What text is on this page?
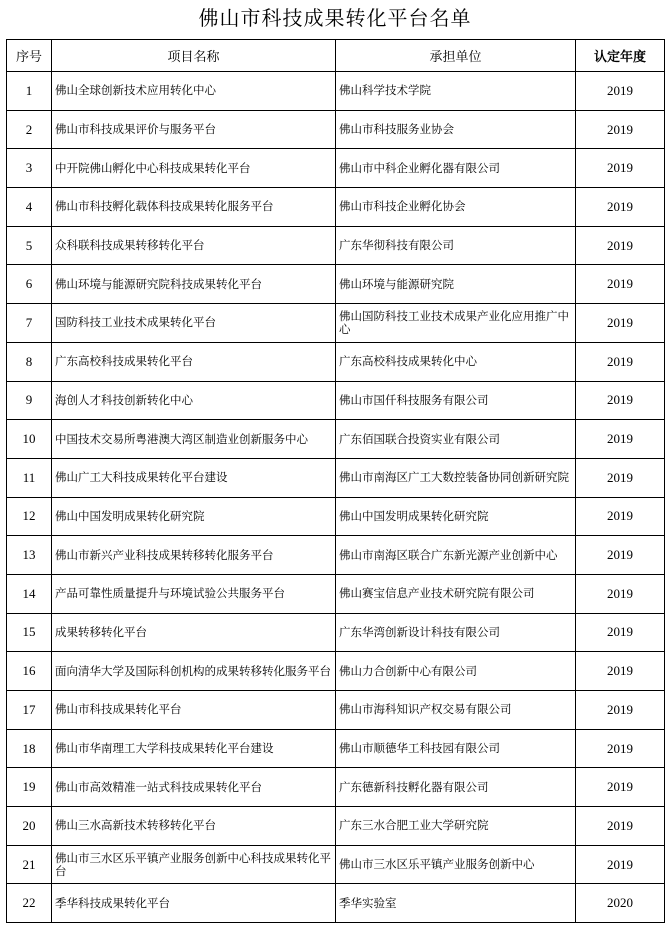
佛山市科技成果转化平台名单
序号	项目名称	承担单位	认定年度
1	佛山全球创新技术应用转化中心	佛山科学技术学院	2019
2	佛山市科技成果评价与服务平台	佛山市科技服务业协会	2019
3	中开院佛山孵化中心科技成果转化平台	佛山市中科企业孵化器有限公司	2019
4	佛山市科技孵化载体科技成果转化服务平台	佛山市科技企业孵化协会	2019
5	众科联科技成果转移转化平台	广东华彻科技有限公司	2019
6	佛山环境与能源研究院科技成果转化平台	佛山环境与能源研究院	2019
7	国防科技工业技术成果转化平台	佛山国防科技工业技术成果产业化应用推广中心	2019
8	广东高校科技成果转化平台	广东高校科技成果转化中心	2019
9	海创人才科技创新转化中心	佛山市国仟科技服务有限公司	2019
10	中国技术交易所粤港澳大湾区制造业创新服务中心	广东佰国联合投资实业有限公司	2019
11	佛山广工大科技成果转化平台建设	佛山市南海区广工大数控装备协同创新研究院	2019
12	佛山中国发明成果转化研究院	佛山中国发明成果转化研究院	2019
13	佛山市新兴产业科技成果转移转化服务平台	佛山市南海区联合广东新光源产业创新中心	2019
14	产品可靠性质量提升与环境试验公共服务平台	佛山赛宝信息产业技术研究院有限公司	2019
15	成果转移转化平台	广东华湾创新设计科技有限公司	2019
16	面向清华大学及国际科创机构的成果转移转化服务平台	佛山力合创新中心有限公司	2019
17	佛山市科技成果转化平台	佛山市海科知识产权交易有限公司	2019
18	佛山市华南理工大学科技成果转化平台建设	佛山市顺德华工科技园有限公司	2019
19	佛山市高效精准一站式科技成果转化平台	广东德新科技孵化器有限公司	2019
20	佛山三水高新技术转移转化平台	广东三水合肥工业大学研究院	2019
21	佛山市三水区乐平镇产业服务创新中心科技成果转化平台	佛山市三水区乐平镇产业服务创新中心	2019
22	季华科技成果转化平台	季华实验室	2020
